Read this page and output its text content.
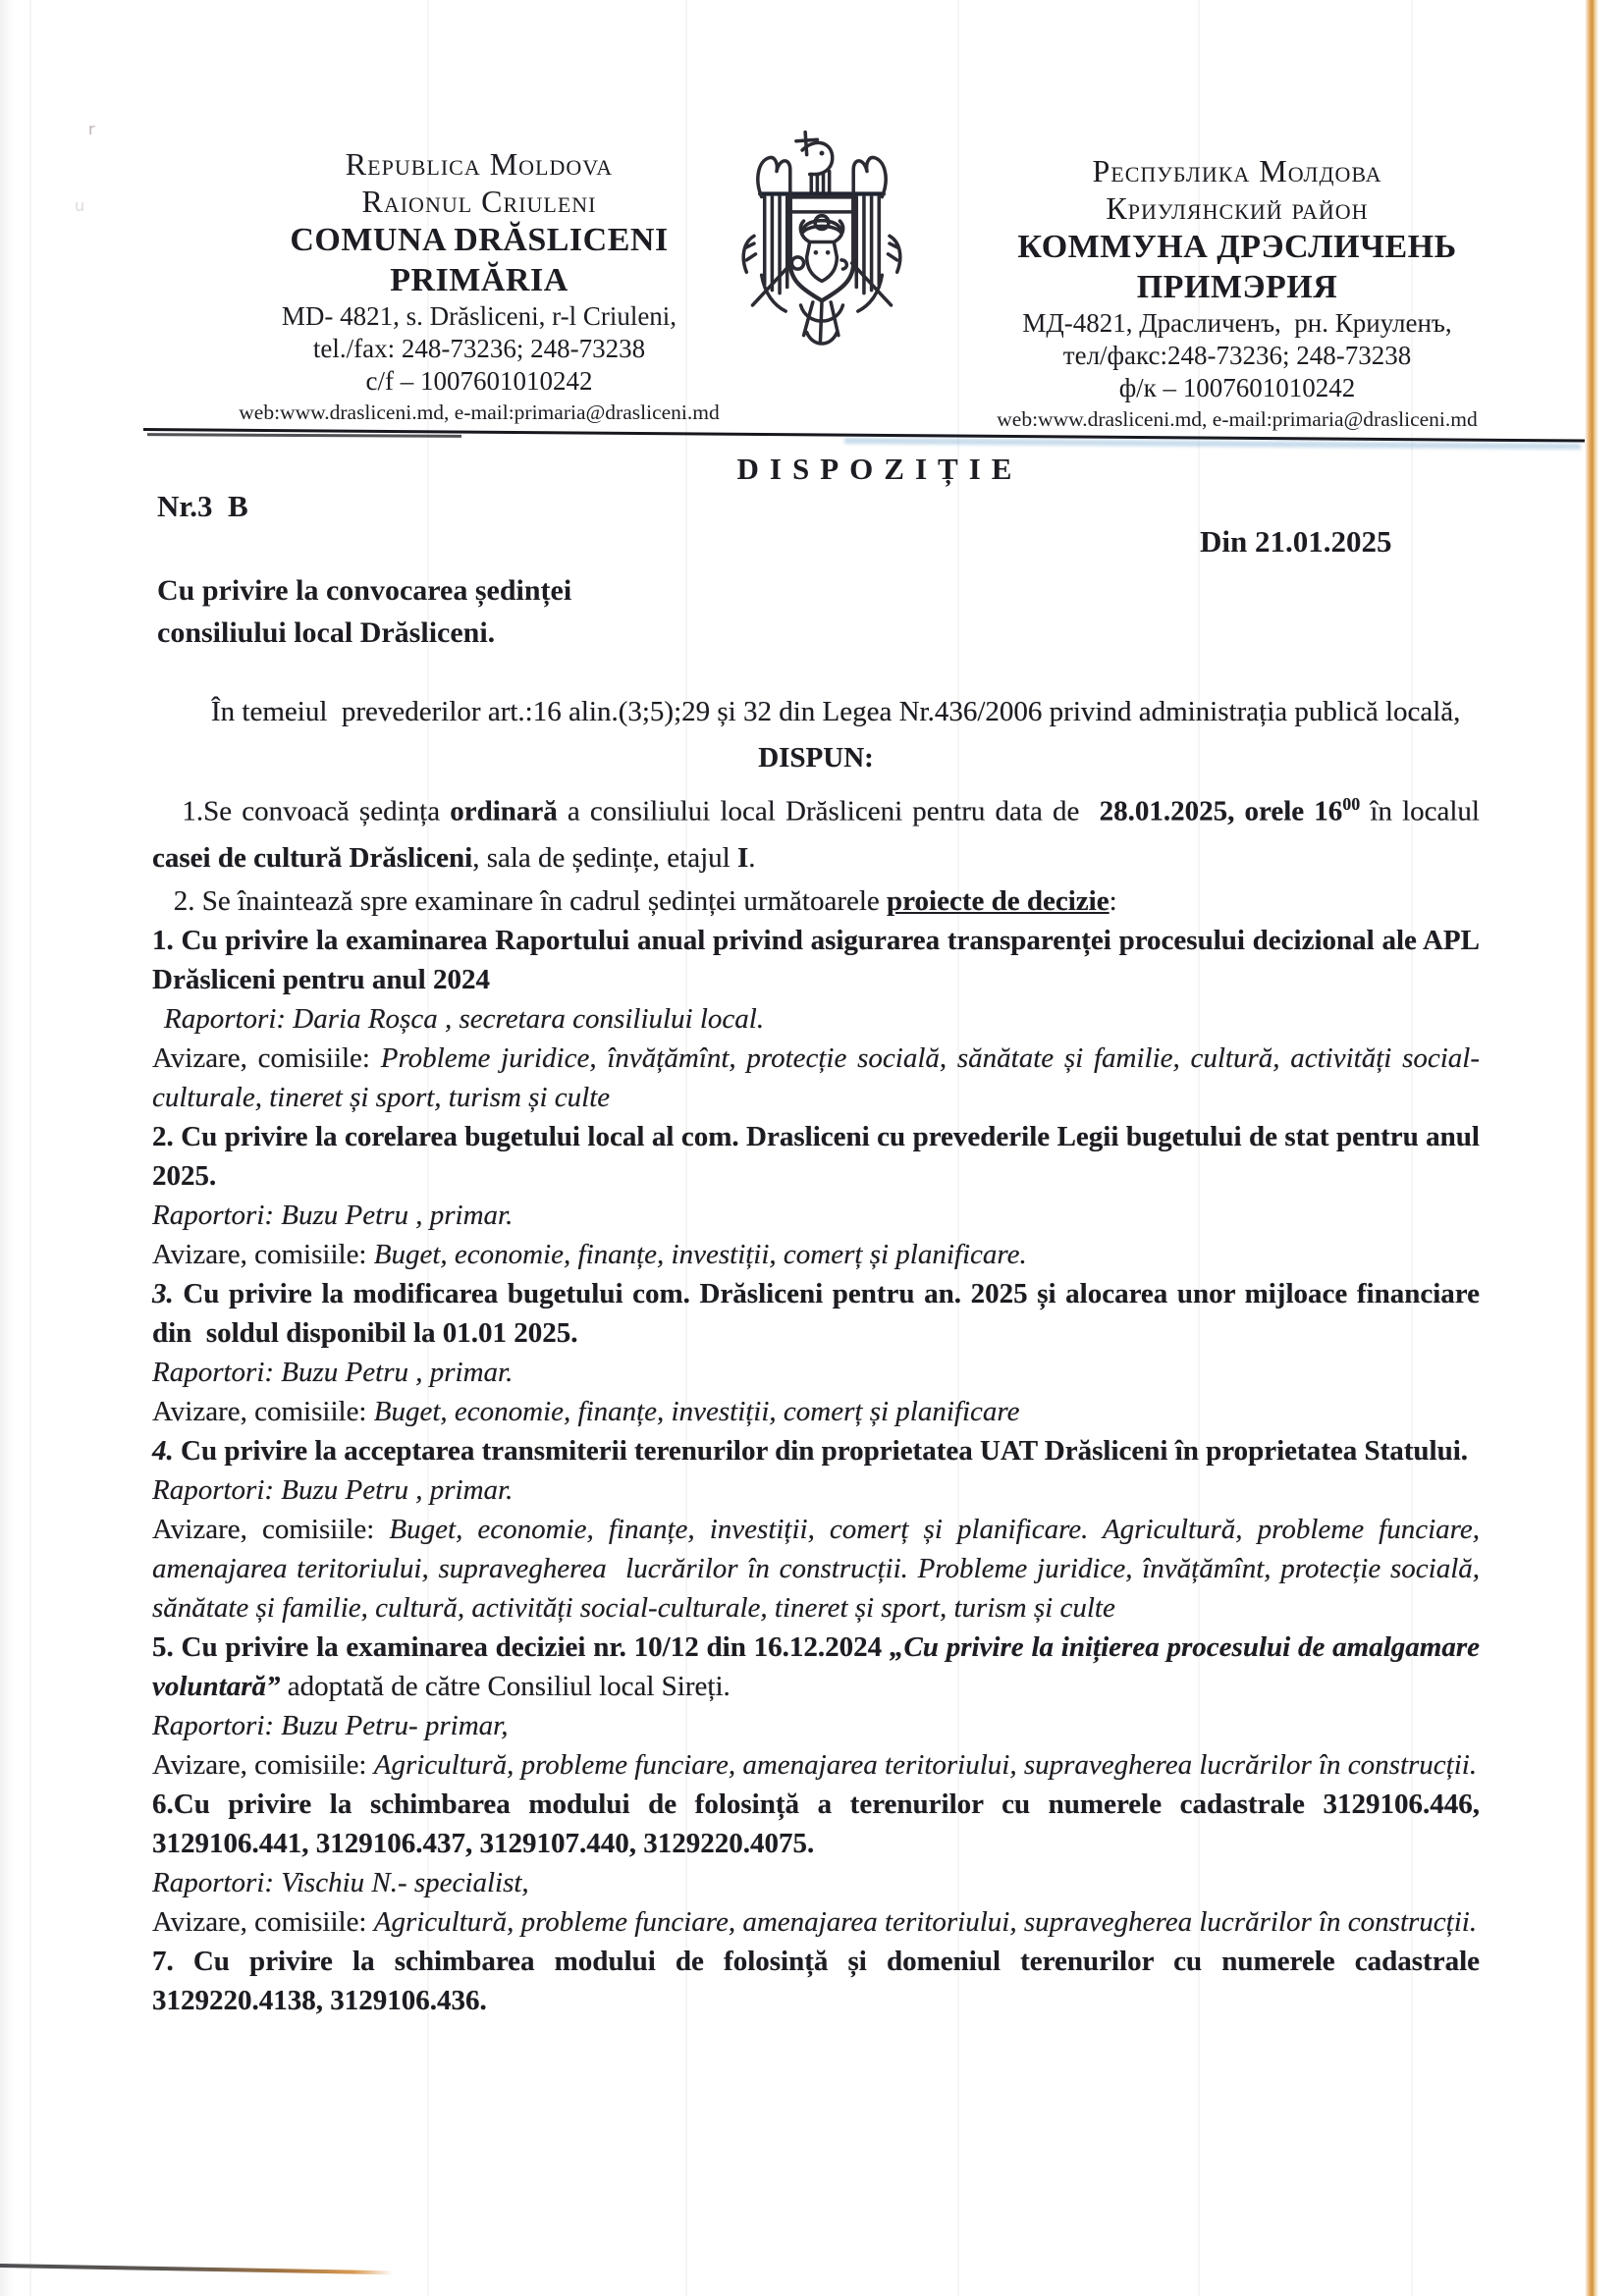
r
u
Republica Moldova
Raionul Criuleni
COMUNA DRĂSLICENI
PRIMĂRIA
MD- 4821, s. Drăsliceni, r-l Criuleni,
tel./fax: 248-73236; 248-73238
c/f – 1007601010242
web:www.drasliceni.md, e-mail:primaria@drasliceni.md
Республика Молдова
Криулянский район
КОММУНА ДРЭСЛИЧЕНЬ
ПРИМЭРИЯ
МД-4821, Драсличенъ,  рн. Криуленъ,
тел/факс:248-73236; 248-73238
ф/к – 1007601010242
web:www.drasliceni.md, e-mail:primaria@drasliceni.md
DISPOZIȚIE
Nr.3  B
Din 21.01.2025
Cu privire la convocarea ședinței
consiliului local Drăsliceni.
În temeiul  prevederilor art.:16 alin.(3;5);29 și 32 din Legea Nr.436/2006 privind administrația publică locală,
DISPUN:
1.Se convoacă ședința ordinară a consiliului local Drăsliceni pentru data de  28.01.2025, orele $16^{00}$ în localul  casei de cultură Drăsliceni, sala de ședințe, etajul I.
2. Se înaintează spre examinare în cadrul ședinței următoarele proiecte de decizie:
1. Cu privire la examinarea Raportului anual privind asigurarea transparenței procesului decizional ale APL Drăsliceni pentru anul 2024
Raportori: Daria Roșca , secretara consiliului local.
Avizare, comisiile: Probleme juridice, învățămînt, protecție socială, sănătate și familie, cultură, activități social-culturale, tineret și sport, turism și culte
2. Cu privire la corelarea bugetului local al com. Drasliceni cu prevederile Legii bugetului de stat pentru anul  2025.
Raportori: Buzu Petru , primar.
Avizare, comisiile: Buget, economie, finanțe, investiții, comerț și planificare.
3. Cu privire la modificarea bugetului com. Drăsliceni pentru an. 2025 și alocarea unor mijloace financiare din  soldul disponibil la 01.01 2025.
Raportori: Buzu Petru , primar.
Avizare, comisiile: Buget, economie, finanțe, investiții, comerț și planificare
4. Cu privire la acceptarea transmiterii terenurilor din proprietatea UAT Drăsliceni în proprietatea Statului.
Raportori: Buzu Petru , primar.
Avizare, comisiile: Buget, economie, finanțe, investiții, comerț și planificare. Agricultură, probleme funciare, amenajarea teritoriului, supravegherea  lucrărilor în construcții. Probleme juridice, învățămînt, protecție socială, sănătate și familie, cultură, activități social-culturale, tineret și sport, turism și culte
5. Cu privire la examinarea deciziei nr. 10/12 din 16.12.2024 „Cu privire la inițierea procesului de amalgamare voluntară” adoptată de către Consiliul local Sireți.
Raportori: Buzu Petru- primar,
Avizare, comisiile: Agricultură, probleme funciare, amenajarea teritoriului, supravegherea lucrărilor în construcții.
6.Cu privire la schimbarea modului de folosință a terenurilor cu numerele cadastrale 3129106.446, 3129106.441, 3129106.437, 3129107.440, 3129220.4075.
Raportori: Vischiu N.- specialist,
Avizare, comisiile: Agricultură, probleme funciare, amenajarea teritoriului, supravegherea lucrărilor în construcții.
7. Cu privire la schimbarea modului de folosință și domeniul terenurilor cu numerele cadastrale 3129220.4138, 3129106.436.
